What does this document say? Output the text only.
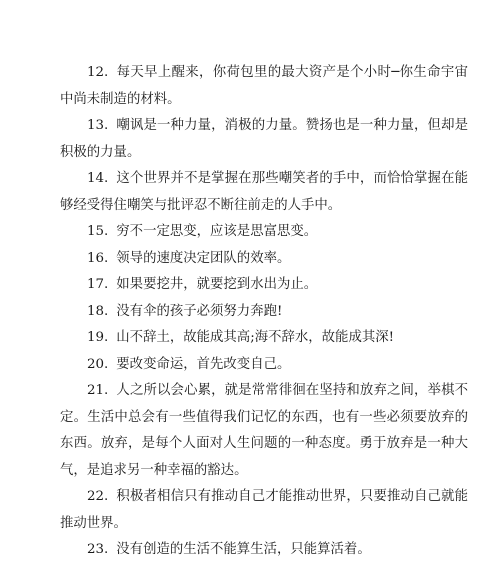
12. 每天早上醒来，你荷包里的最大资产是个小时─你生命宇宙中尚未制造的材料。

13. 嘲讽是一种力量，消极的力量。赞扬也是一种力量，但却是积极的力量。

14. 这个世界并不是掌握在那些嘲笑者的手中，而恰恰掌握在能够经受得住嘲笑与批评忍不断往前走的人手中。

15. 穷不一定思变，应该是思富思变。

16. 领导的速度决定团队的效率。

17. 如果要挖井，就要挖到水出为止。

18. 没有伞的孩子必须努力奔跑!

19. 山不辞土，故能成其高;海不辞水，故能成其深!

20. 要改变命运，首先改变自己。

21. 人之所以会心累，就是常常徘徊在坚持和放弃之间，举棋不定。生活中总会有一些值得我们记忆的东西，也有一些必须要放弃的东西。放弃，是每个人面对人生问题的一种态度。勇于放弃是一种大气，是追求另一种幸福的豁达。

22. 积极者相信只有推动自己才能推动世界，只要推动自己就能推动世界。

23. 没有创造的生活不能算生活，只能算活着。
